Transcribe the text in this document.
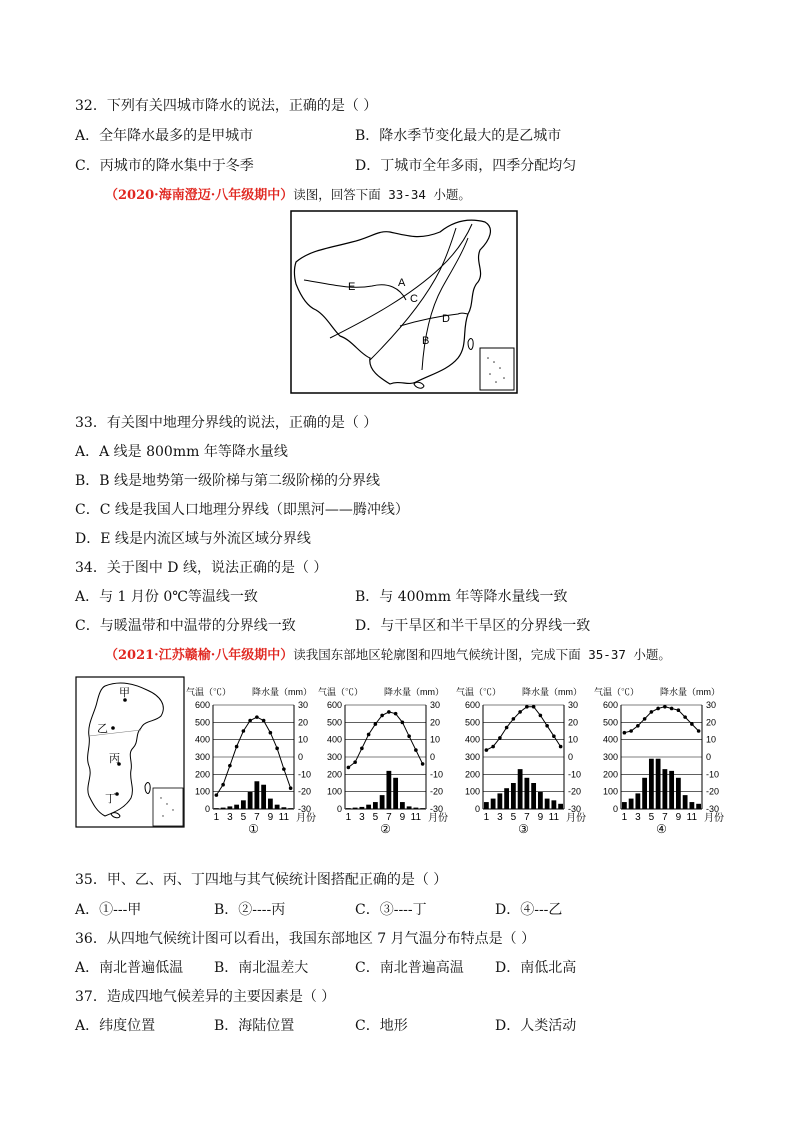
32．下列有关四城市降水的说法，正确的是（ ）
A．全年降水最多的是甲城市	B．降水季节变化最大的是乙城市
C．丙城市的降水集中于冬季	D．丁城市全年多雨，四季分配均匀
（2020·海南澄迈·八年级期中）读图，回答下面 33-34 小题。
E	A
C
D
B
33．有关图中地理分界线的说法，正确的是（ ）
A．A 线是 800mm 年等降水量线
B．B 线是地势第一级阶梯与第二级阶梯的分界线
C．C 线是我国人口地理分界线（即黑河——腾冲线）
D．E 线是内流区域与外流区域分界线
34．关于图中 D 线，说法正确的是（ ）
A．与 1 月份 0℃等温线一致	B．与 400mm 年等降水量线一致
C．与暖温带和中温带的分界线一致	D．与干旱区和半干旱区的分界线一致
（2021·江苏赣榆·八年级期中）读我国东部地区轮廓图和四地气候统计图，完成下面 35-37 小题。
甲
乙
丙
丁
气温（℃） 降水量（mm）
600
500
400
300
200
100
0
30
20
10
0
-10
-20
-30
1 3 5 7 9 11 月份
①
气温（℃） 降水量（mm）
600
500
400
300
200
100
0
30
20
10
0
-10
-20
-30
1 3 5 7 9 11 月份
②
气温（℃） 降水量（mm）
600
500
400
300
200
100
0
30
20
10
0
-10
-20
-30
1 3 5 7 9 11 月份
③
气温（℃） 降水量（mm）
600
500
400
300
200
100
0
30
20
10
0
-10
-20
-30
1 3 5 7 9 11 月份
④
35．甲、乙、丙、丁四地与其气候统计图搭配正确的是（ ）
A．①---甲	B．②----丙	C．③----丁	D．④---乙
36．从四地气候统计图可以看出，我国东部地区 7 月气温分布特点是（ ）
A．南北普遍低温 B．南北温差大	C．南北普遍高温 D．南低北高
37．造成四地气候差异的主要因素是（ ）
A．纬度位置	B．海陆位置	C．地形	D．人类活动
